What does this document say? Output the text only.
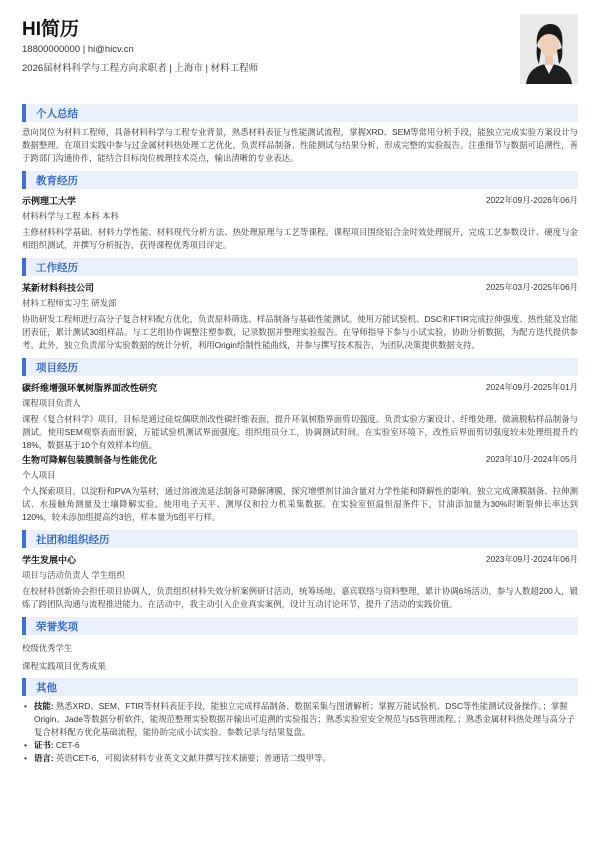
HI简历
18800000000 | hi@hicv.cn
2026届材料科学与工程方向求职者 | 上海市 | 材料工程师
个人总结

意向岗位为材料工程师，具备材料科学与工程专业背景，熟悉材料表征与性能测试流程，掌握XRD、SEM等常用分析手段，能独立完成实验方案设计与数据整理。在项目实践中参与过金属材料热处理工艺优化，负责样品制备、性能测试与结果分析，形成完整的实验报告。注重细节与数据可追溯性，善于跨部门沟通协作，能结合目标岗位梳理技术亮点，输出清晰的专业表达。

教育经历
示例理工大学	2022年09月-2026年06月
材料科学与工程 本科 本科

主修材料科学基础、材料力学性能、材料现代分析方法、热处理原理与工艺等课程。课程项目围绕铝合金时效处理展开，完成工艺参数设计、硬度与金相组织测试，并撰写分析报告，获得课程优秀项目评定。

工作经历
某新材料科技公司	2025年03月-2025年06月
材料工程师实习生 研发部

协助研发工程师进行高分子复合材料配方优化，负责原料筛选、样品制备与基础性能测试。使用万能试验机、DSC和FTIR完成拉伸强度、热性能及官能团表征，累计测试30组样品。与工艺组协作调整注塑参数，记录数据并整理实验报告。在导师指导下参与小试实验，协助分析数据，为配方迭代提供参考。此外，独立负责部分实验数据的统计分析，利用Origin绘制性能曲线，并参与撰写技术报告，为团队决策提供数据支持。

项目经历
碳纤维增强环氧树脂界面改性研究	2024年09月-2025年01月
课程项目负责人

课程《复合材料学》项目，目标是通过硅烷偶联剂改性碳纤维表面，提升环氧树脂界面剪切强度。负责实验方案设计、纤维处理、微滴脱粘样品制备与测试。使用SEM观察表面形貌，万能试验机测试界面强度。组织组员分工，协调测试时间。在实验室环境下，改性后界面剪切强度较未处理组提升约18%，数据基于10个有效样本均值。

生物可降解包装膜制备与性能优化	2023年10月-2024年05月
个人项目

个人探索项目，以淀粉和PVA为基材，通过溶液流延法制备可降解薄膜，探究增塑剂甘油含量对力学性能和降解性的影响。独立完成薄膜制备、拉伸测试、水接触角测量及土壤降解实验。使用电子天平、测厚仪和拉力机采集数据。在实验室恒温恒湿条件下，甘油添加量为30%时断裂伸长率达到120%，较未添加组提高约3倍，样本量为5组平行样。

社团和组织经历
学生发展中心	2023年09月-2024年06月
项目与活动负责人 学生组织

在校材料创新协会担任项目协调人，负责组织材料失效分析案例研讨活动，统筹场地、嘉宾联络与资料整理，累计协调6场活动，参与人数超200人，锻炼了跨团队沟通与流程推进能力。在活动中，我主动引入企业真实案例，设计互动讨论环节，提升了活动的实践价值。

荣誉奖项
校级优秀学生
课程实践项目优秀成果
其他
• 技能: 熟悉XRD、SEM、FTIR等材料表征手段，能独立完成样品制备、数据采集与图谱解析；掌握万能试验机、DSC等性能测试设备操作。；掌握Origin、Jade等数据分析软件，能规范整理实验数据并输出可追溯的实验报告；熟悉实验室安全规范与5S管理流程。；熟悉金属材料热处理与高分子复合材料配方优化基础流程，能协助完成小试实验、参数记录与结果复盘。
• 证书: CET-6
• 语言: 英语CET-6，可阅读材料专业英文文献并撰写技术摘要；普通话二级甲等。
